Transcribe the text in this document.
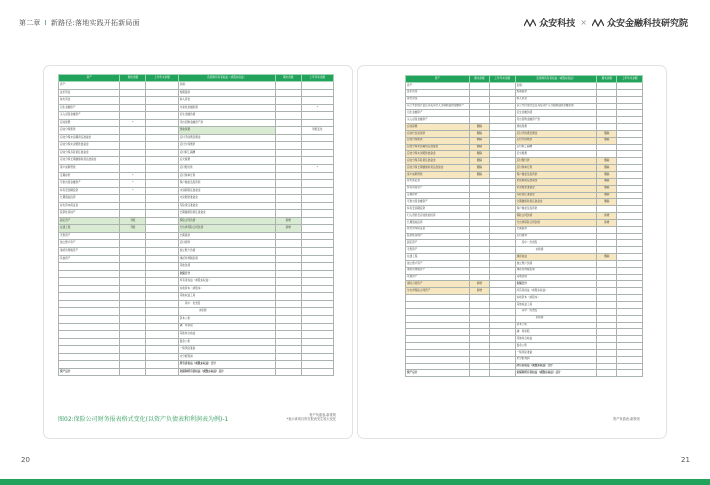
第二章 I 新路径:落地实践开拓新局面	众安科技 × 众安金融科技研究院
资产	期末余额	上年年末余额	负债和所有者权益（或股东权益）	期末余额	上年年末余额
资产：			负债：		
货币资金			短期借款		
拆出资金			拆入资金		
衍生金融资产			交易性金融负债		*
买入返售金融资产			衍生金融负债		
应收保费	*		卖出回购金融资产款		
应收分保账款			预收保费		列报变化
应收分保未到期责任准备金			应付手续费及佣金		
应收分保未决赔款准备金			应付分保账款		
应收分保寿险责任准备金			应付职工薪酬		
应收分保长期健康险责任准备金			应交税费		
保户质押贷款			应付赔付款		*
定期存款	*		应付保单红利		
可供出售金融资产	*		保户储金及投资款		
持有至到期投资	*		未到期责任准备金		
长期股权投资			未决赔款准备金		
存出资本保证金			寿险责任准备金		
投资性房地产			长期健康险责任准备金		
固定资产	列报		保险合同负债	新增	
在建工程	列报		分出再保险合同负债	新增	
无形资产			长期借款		
独立账户资产			应付债券		
递延所得税资产			独立账户负债		
其他资产			递延所得税负债		
			其他负债		
			负债合计		
			所有者权益（或股东权益）：		
			实收资本（或股本）		
			其他权益工具		
			其中：优先股		
			永续债		
			资本公积		
			减：库存股		
			其他综合收益		
			盈余公积		
			一般风险准备		
			未分配利润		
			所有者权益（或股东权益）合计		
资产总计			负债和所有者权益（或股东权益）总计		
图02:保险公司财务报表格式变化(以资产负债表和利润表为例)-1
资产负债表-新准则
*表示该项目所在报表发生较大变化
资产	期末余额	上年年末余额	负债和所有者权益（或股东权益）	期末余额	上年年末余额
资产：			负债：		
货币资金			短期借款		
拆出资金			拆入资金		
以公允价值计量且其变动计入当期损益的金融资产			以公允价值计量且其变动计入当期损益的金融负债		
衍生金融资产			衍生金融负债		
买入返售金融资产			卖出回购金融资产款		
应收保费	删除		预收保费		
应收代位追偿款	删除		应付手续费及佣金	删除	
应收分保账款	删除		应付分保账款	删除	
应收分保未到期责任准备金	删除		应付职工薪酬		
应收分保未决赔款准备金	删除		应交税费		
应收分保寿险责任准备金	删除		应付赔付款	删除	
应收分保长期健康险责任准备金	删除		应付保单红利	删除	
保户质押贷款	删除		保户储金及投资款	删除	
存出保证金			未到期责任准备金	删除	
持有待售资产			未决赔款准备金	删除	
定期存款			寿险责任准备金	删除	
可供出售金融资产			长期健康险责任准备金	删除	
持有至到期投资			保户储金及投资款		
归入贷款及应收款的投资			保险合同负债	新增	
长期股权投资			分出再保险合同负债	新增	
存出资本保证金			长期借款		
投资性房地产			应付债券		
固定资产			其中：优先股		
无形资产			永续债		
在建工程			递延收益	删除	
独立账户资产			独立账户负债		
递延所得税资产			递延所得税负债		
其他资产			其他负债		
保险合同资产	新增		负债合计		
分出再保险合同资产	新增		所有者权益（或股东权益）：		
			实收资本（或股本）		
			其他权益工具		
			其中：优先股		
			永续债		
			资本公积		
			减：库存股		
			其他综合收益		
			盈余公积		
			一般风险准备		
			未分配利润		
			所有者权益（或股东权益）合计		
资产总计			负债和所有者权益（或股东权益）总计		
资产负债表-新准则
20	21
